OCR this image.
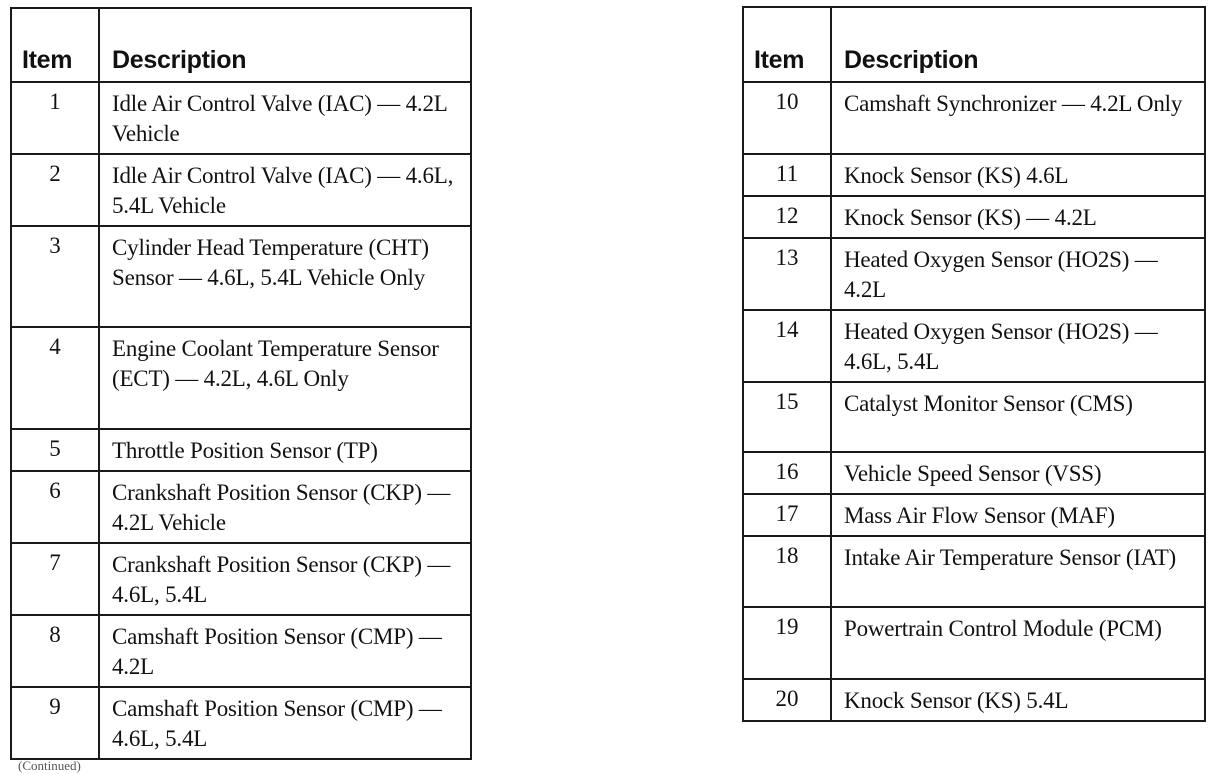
Item	Description
1	Idle Air Control Valve (IAC) — 4.2L Vehicle
2	Idle Air Control Valve (IAC) — 4.6L, 5.4L Vehicle
3	Cylinder Head Temperature (CHT) Sensor — 4.6L, 5.4L Vehicle Only
4	Engine Coolant Temperature Sensor (ECT) — 4.2L, 4.6L Only
5	Throttle Position Sensor (TP)
6	Crankshaft Position Sensor (CKP) — 4.2L Vehicle
7	Crankshaft Position Sensor (CKP) — 4.6L, 5.4L
8	Camshaft Position Sensor (CMP) — 4.2L
9	Camshaft Position Sensor (CMP) — 4.6L, 5.4L
Item	Description
10	Camshaft Synchronizer — 4.2L Only
11	Knock Sensor (KS) 4.6L
12	Knock Sensor (KS) — 4.2L
13	Heated Oxygen Sensor (HO2S) — 4.2L
14	Heated Oxygen Sensor (HO2S) — 4.6L, 5.4L
15	Catalyst Monitor Sensor (CMS)
16	Vehicle Speed Sensor (VSS)
17	Mass Air Flow Sensor (MAF)
18	Intake Air Temperature Sensor (IAT)
19	Powertrain Control Module (PCM)
20	Knock Sensor (KS) 5.4L
(Continued)
